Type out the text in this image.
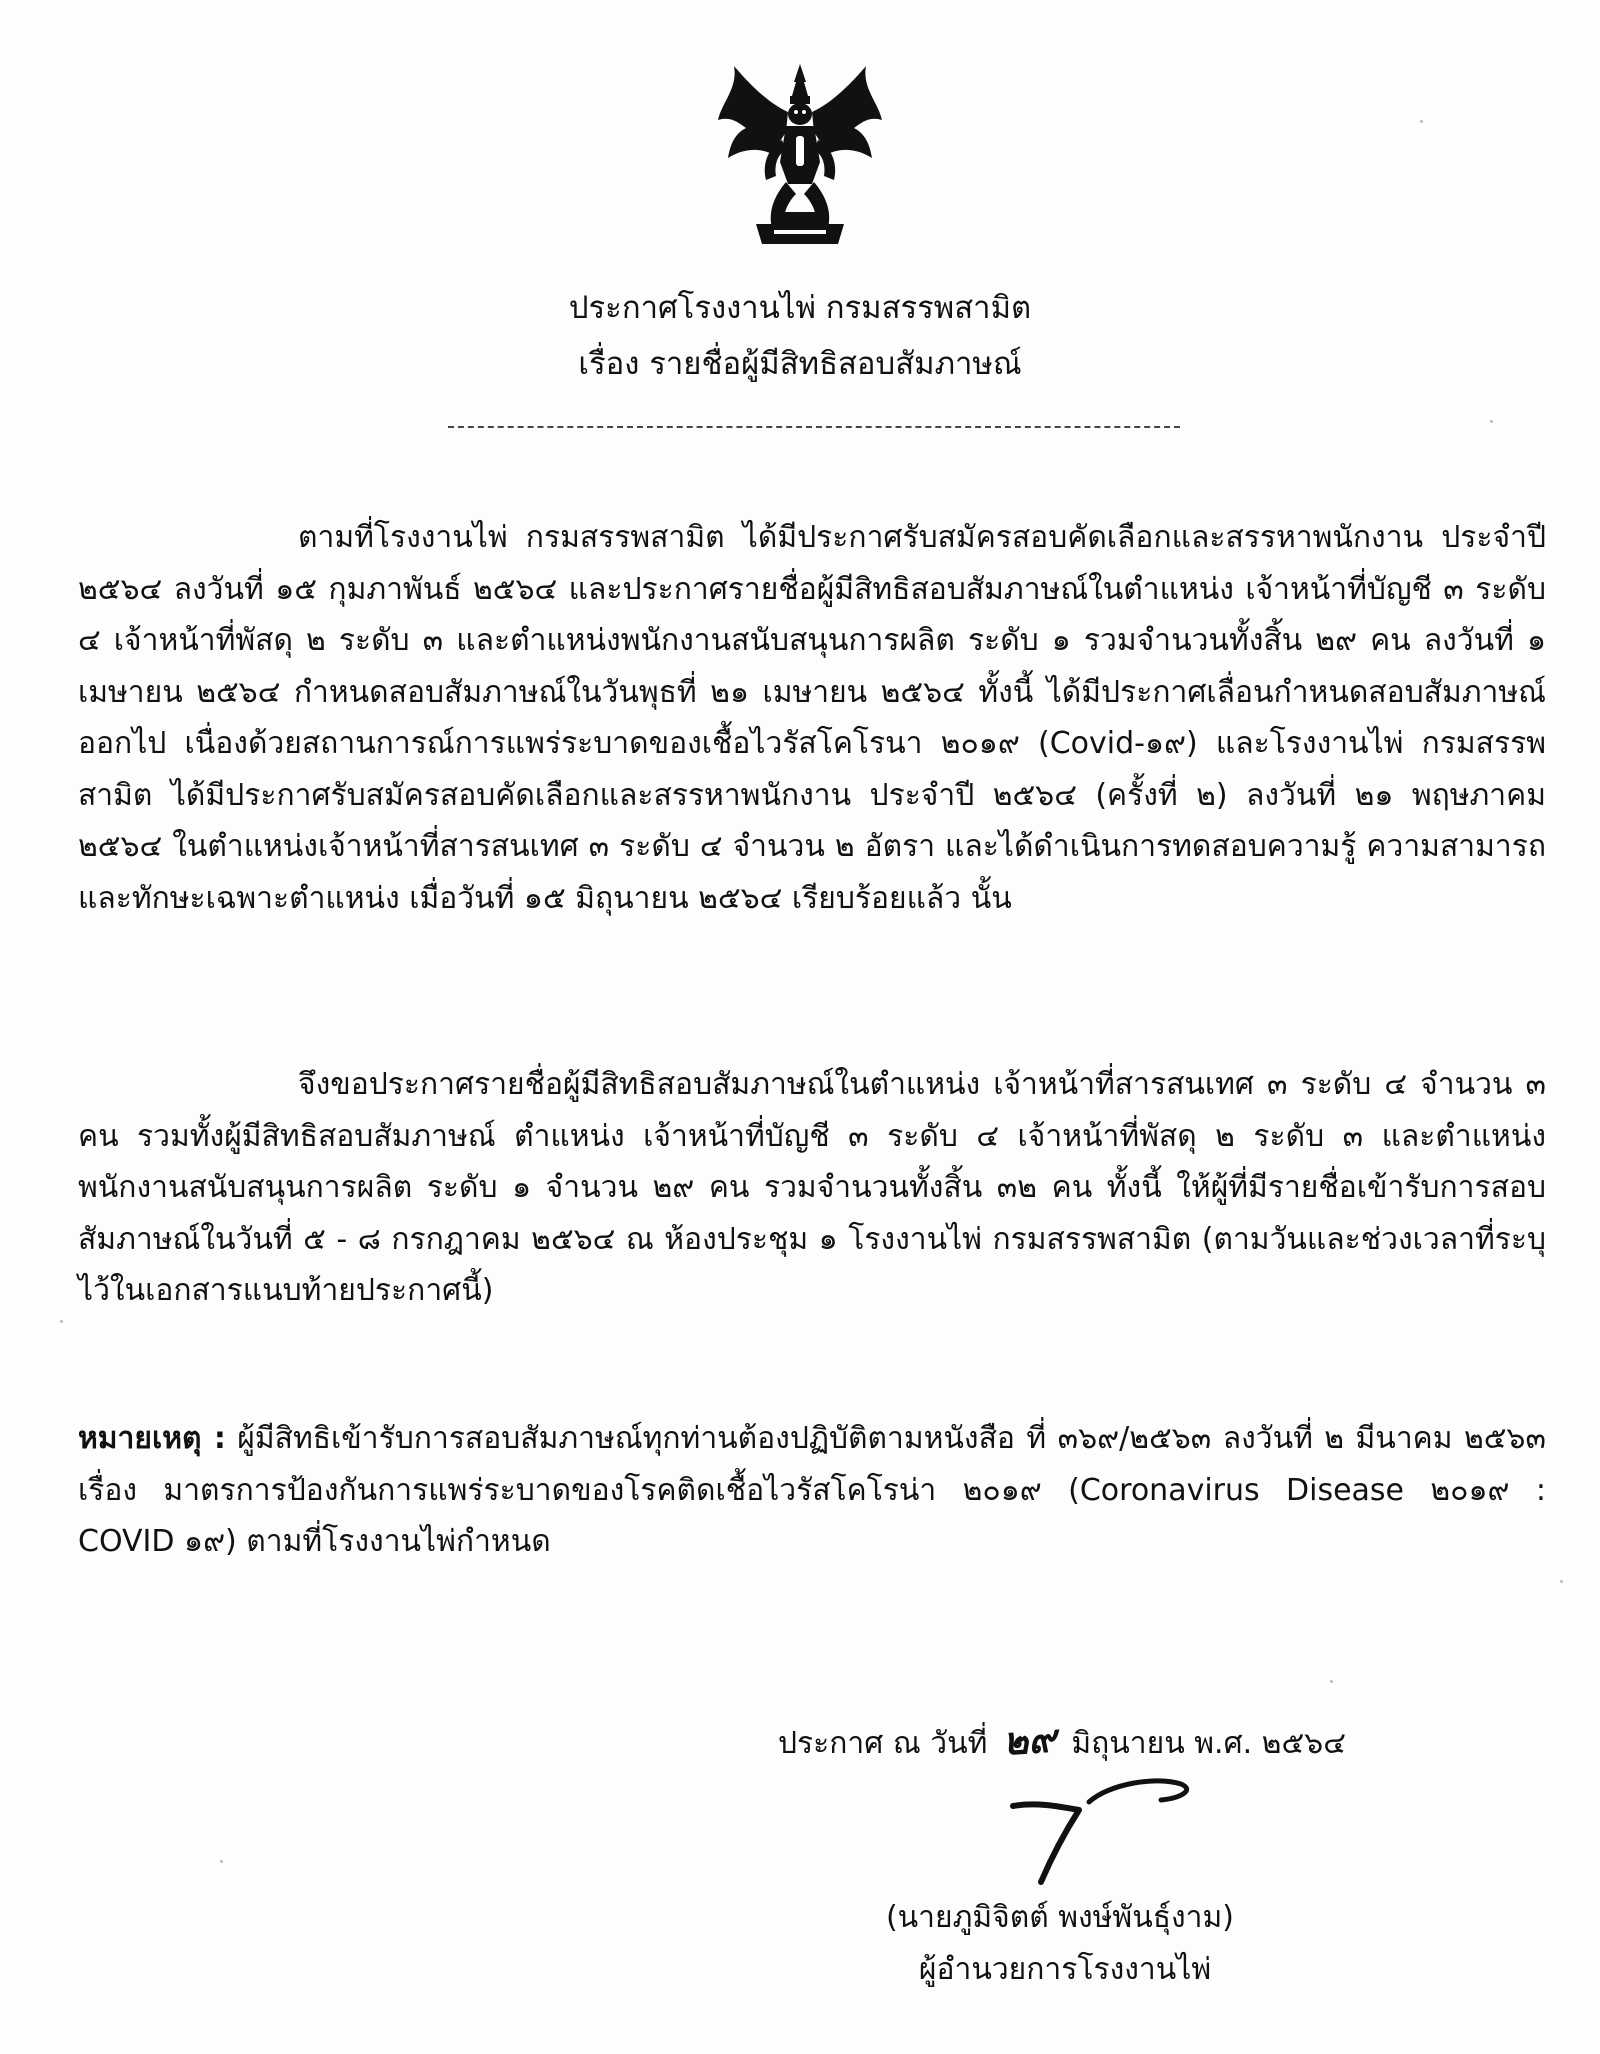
ประกาศโรงงานไพ่ กรมสรรพสามิต
เรื่อง รายชื่อผู้มีสิทธิสอบสัมภาษณ์

ตามที่โรงงานไพ่ กรมสรรพสามิต ได้มีประกาศรับสมัครสอบคัดเลือกและสรรหาพนักงาน ประจำปี ๒๕๖๔ ลงวันที่ ๑๕ กุมภาพันธ์ ๒๕๖๔ และประกาศรายชื่อผู้มีสิทธิสอบสัมภาษณ์ในตำแหน่ง เจ้าหน้าที่บัญชี ๓ ระดับ ๔ เจ้าหน้าที่พัสดุ ๒ ระดับ ๓ และตำแหน่งพนักงานสนับสนุนการผลิต ระดับ ๑ รวมจำนวนทั้งสิ้น ๒๙ คน ลงวันที่ ๑ เมษายน ๒๕๖๔ กำหนดสอบสัมภาษณ์ในวันพุธที่ ๒๑ เมษายน ๒๕๖๔ ทั้งนี้ ได้มีประกาศเลื่อนกำหนดสอบสัมภาษณ์ออกไป เนื่องด้วยสถานการณ์การแพร่ระบาดของเชื้อไวรัสโคโรนา ๒๐๑๙ (Covid-๑๙) และโรงงานไพ่ กรมสรรพสามิต ได้มีประกาศรับสมัครสอบคัดเลือกและสรรหาพนักงาน ประจำปี ๒๕๖๔ (ครั้งที่ ๒) ลงวันที่ ๒๑ พฤษภาคม ๒๕๖๔ ในตำแหน่งเจ้าหน้าที่สารสนเทศ ๓ ระดับ ๔ จำนวน ๒ อัตรา และได้ดำเนินการทดสอบความรู้ ความสามารถ และทักษะเฉพาะตำแหน่ง เมื่อวันที่ ๑๕ มิถุนายน ๒๕๖๔ เรียบร้อยแล้ว นั้น

จึงขอประกาศรายชื่อผู้มีสิทธิสอบสัมภาษณ์ในตำแหน่ง เจ้าหน้าที่สารสนเทศ ๓ ระดับ ๔ จำนวน ๓ คน รวมทั้งผู้มีสิทธิสอบสัมภาษณ์ ตำแหน่ง เจ้าหน้าที่บัญชี ๓ ระดับ ๔ เจ้าหน้าที่พัสดุ ๒ ระดับ ๓ และตำแหน่งพนักงานสนับสนุนการผลิต ระดับ ๑ จำนวน ๒๙ คน รวมจำนวนทั้งสิ้น ๓๒ คน ทั้งนี้ ให้ผู้ที่มีรายชื่อเข้ารับการสอบสัมภาษณ์ในวันที่ ๕ - ๘ กรกฎาคม ๒๕๖๔ ณ ห้องประชุม ๑ โรงงานไพ่ กรมสรรพสามิต (ตามวันและช่วงเวลาที่ระบุไว้ในเอกสารแนบท้ายประกาศนี้)

หมายเหตุ : ผู้มีสิทธิเข้ารับการสอบสัมภาษณ์ทุกท่านต้องปฏิบัติตามหนังสือ ที่ ๓๖๙/๒๕๖๓ ลงวันที่ ๒ มีนาคม ๒๕๖๓ เรื่อง มาตรการป้องกันการแพร่ระบาดของโรคติดเชื้อไวรัสโคโรน่า ๒๐๑๙ (Coronavirus Disease ๒๐๑๙ : COVID ๑๙) ตามที่โรงงานไพ่กำหนด

ประกาศ ณ วันที่ ๒๙ มิถุนายน พ.ศ. ๒๕๖๔
(นายภูมิจิตต์ พงษ์พันธุ์งาม)
ผู้อำนวยการโรงงานไพ่
